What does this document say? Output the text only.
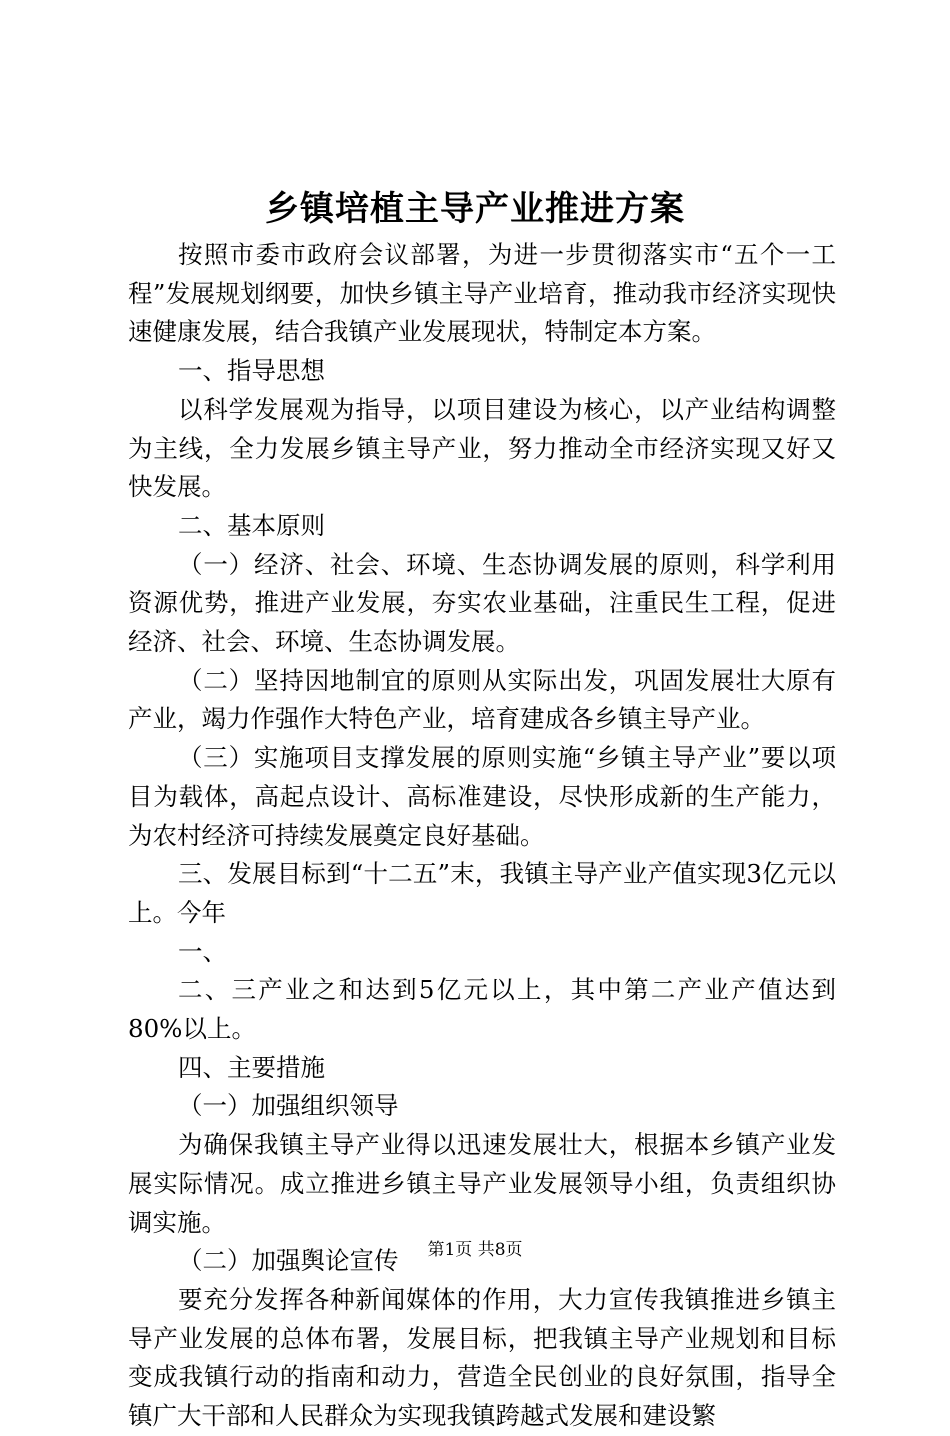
乡镇培植主导产业推进方案

按照市委市政府会议部署，为进一步贯彻落实市“五个一工程”发展规划纲要，加快乡镇主导产业培育，推动我市经济实现快速健康发展，结合我镇产业发展现状，特制定本方案。

一、指导思想

以科学发展观为指导，以项目建设为核心，以产业结构调整为主线，全力发展乡镇主导产业，努力推动全市经济实现又好又快发展。

二、基本原则

（一）经济、社会、环境、生态协调发展的原则，科学利用资源优势，推进产业发展，夯实农业基础，注重民生工程，促进经济、社会、环境、生态协调发展。

（二）坚持因地制宜的原则从实际出发，巩固发展壮大原有产业，竭力作强作大特色产业，培育建成各乡镇主导产业。

（三）实施项目支撑发展的原则实施“乡镇主导产业”要以项目为载体，高起点设计、高标准建设，尽快形成新的生产能力，为农村经济可持续发展奠定良好基础。

三、发展目标到“十二五”末，我镇主导产业产值实现3亿元以上。今年

一、

二、三产业之和达到5亿元以上，其中第二产业产值达到80%以上。

四、主要措施

（一）加强组织领导

为确保我镇主导产业得以迅速发展壮大，根据本乡镇产业发展实际情况。成立推进乡镇主导产业发展领导小组，负责组织协调实施。

（二）加强舆论宣传

要充分发挥各种新闻媒体的作用，大力宣传我镇推进乡镇主导产业发展的总体布署，发展目标，把我镇主导产业规划和目标变成我镇行动的指南和动力，营造全民创业的良好氛围，指导全镇广大干部和人民群众为实现我镇跨越式发展和建设繁

第1页 共8页
